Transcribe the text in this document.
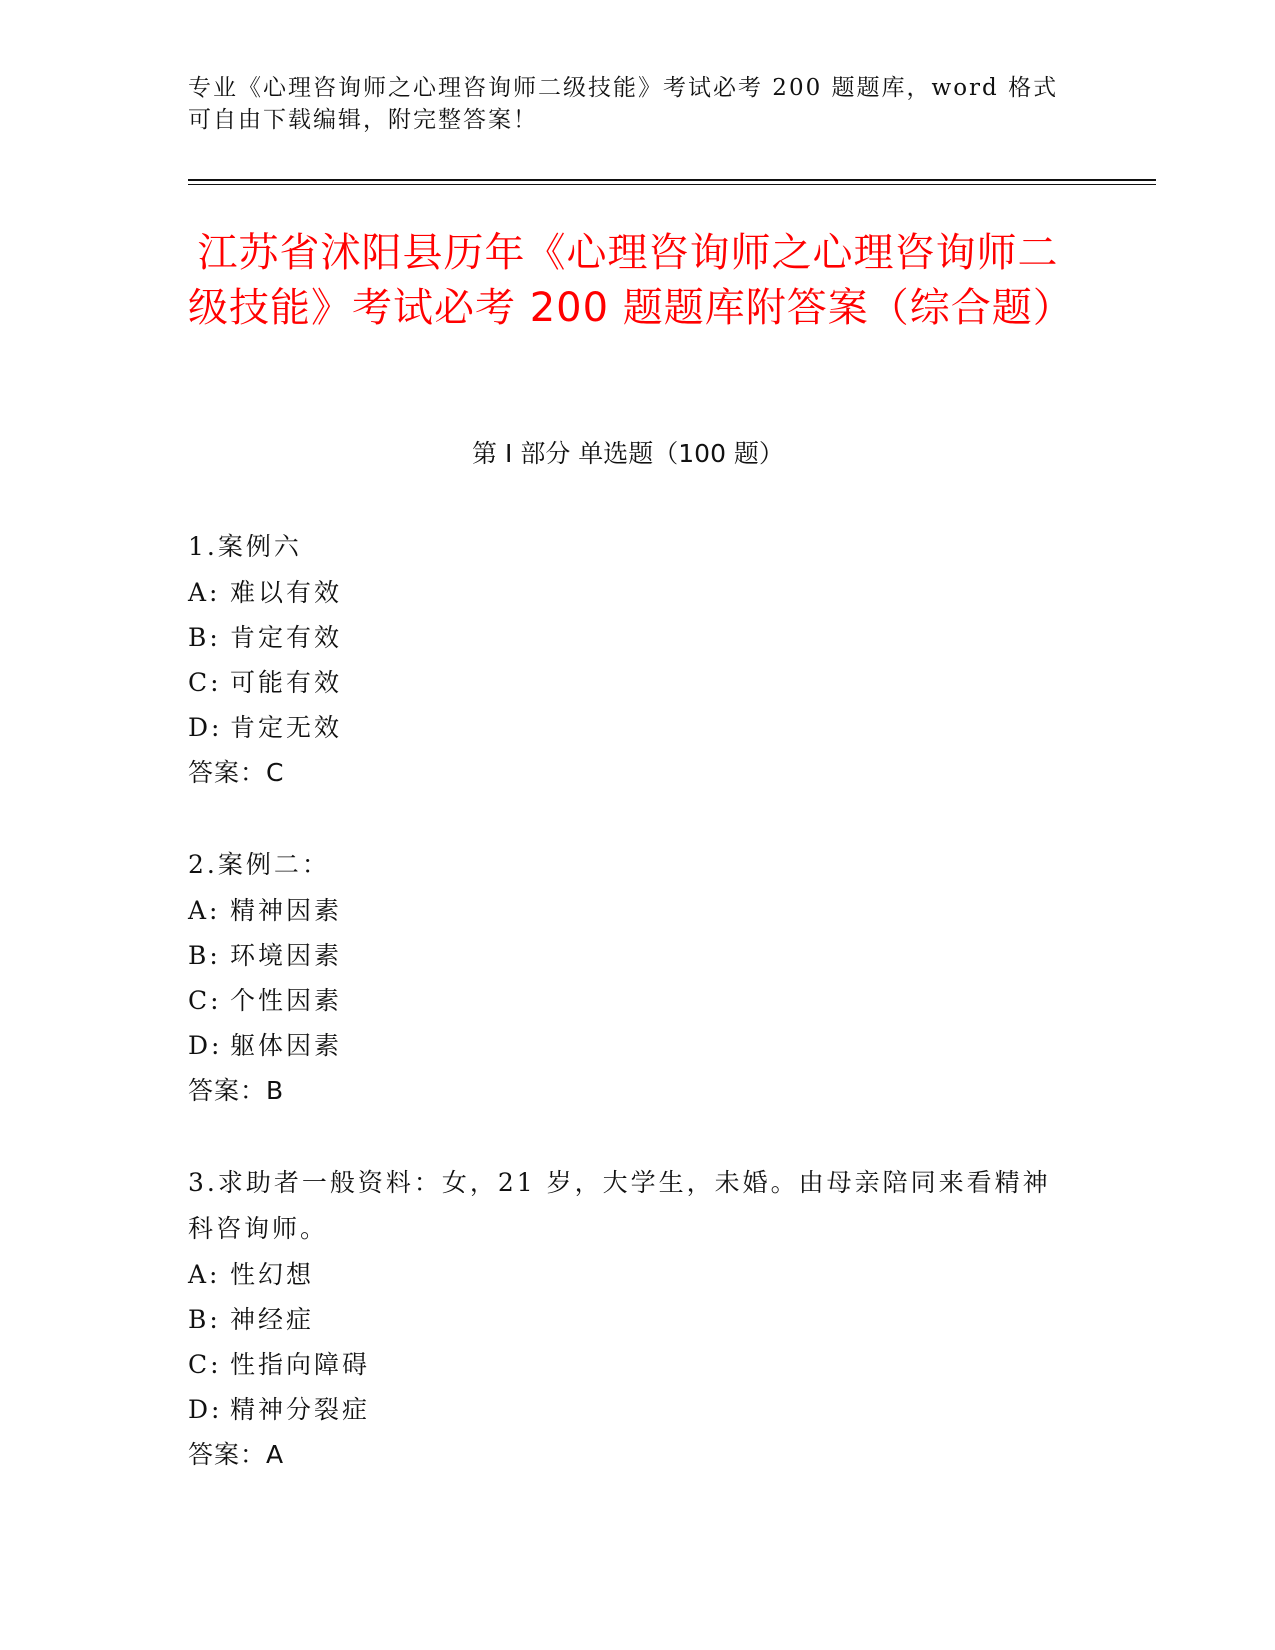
专业《心理咨询师之心理咨询师二级技能》考试必考 200 题题库，word 格式可自由下载编辑，附完整答案！
江苏省沭阳县历年《心理咨询师之心理咨询师二级技能》考试必考 200 题题库附答案（综合题）
第 I 部分 单选题（100 题）

1.案例六

A: 难以有效

B: 肯定有效

C: 可能有效

D: 肯定无效

答案：C

2.案例二：

A: 精神因素

B: 环境因素

C: 个性因素

D: 躯体因素

答案：B

3.求助者一般资料：女，21 岁，大学生，未婚。由母亲陪同来看精神科咨询师。

A: 性幻想

B: 神经症

C: 性指向障碍

D: 精神分裂症

答案：A
